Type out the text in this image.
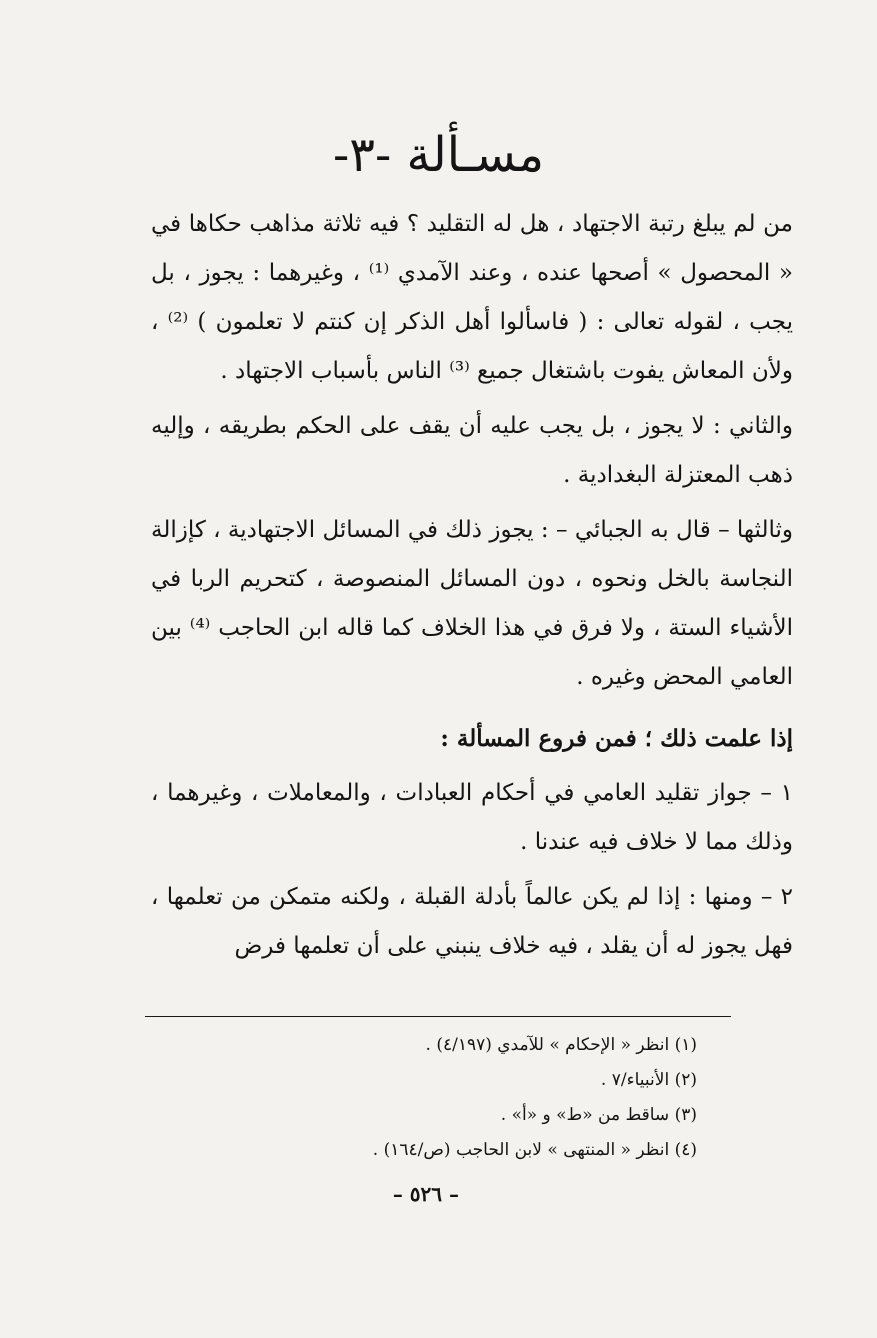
مسـألة -٣-

من لم يبلغ رتبة الاجتهاد ، هل له التقليد ؟ فيه ثلاثة مذاهب حكاها في « المحصول » أصحها عنده ، وعند الآمدي ⁽¹⁾ ، وغيرهما : يجوز ، بل يجب ، لقوله تعالى : ( فاسألوا أهل الذكر إن كنتم لا تعلمون ) ⁽²⁾ ، ولأن المعاش يفوت باشتغال جميع ⁽³⁾ الناس بأسباب الاجتهاد .

والثاني : لا يجوز ، بل يجب عليه أن يقف على الحكم بطريقه ، وإليه ذهب المعتزلة البغدادية .

وثالثها – قال به الجبائي – : يجوز ذلك في المسائل الاجتهادية ، كإزالة النجاسة بالخل ونحوه ، دون المسائل المنصوصة ، كتحريم الربا في الأشياء الستة ، ولا فرق في هذا الخلاف كما قاله ابن الحاجب ⁽⁴⁾ بين العامي المحض وغيره .

إذا علمت ذلك ؛ فمن فروع المسألة :

١ – جواز تقليد العامي في أحكام العبادات ، والمعاملات ، وغيرهما ، وذلك مما لا خلاف فيه عندنا .

٢ – ومنها : إذا لم يكن عالماً بأدلة القبلة ، ولكنه متمكن من تعلمها ، فهل يجوز له أن يقلد ، فيه خلاف ينبني على أن تعلمها فرض

(١) انظر « الإحكام » للآمدي (٤/١٩٧) .

(٢) الأنبياء/٧ .

(٣) ساقط من «ط» و «أ» .

(٤) انظر « المنتهى » لابن الحاجب (ص/١٦٤) .

– ٥٢٦ –
